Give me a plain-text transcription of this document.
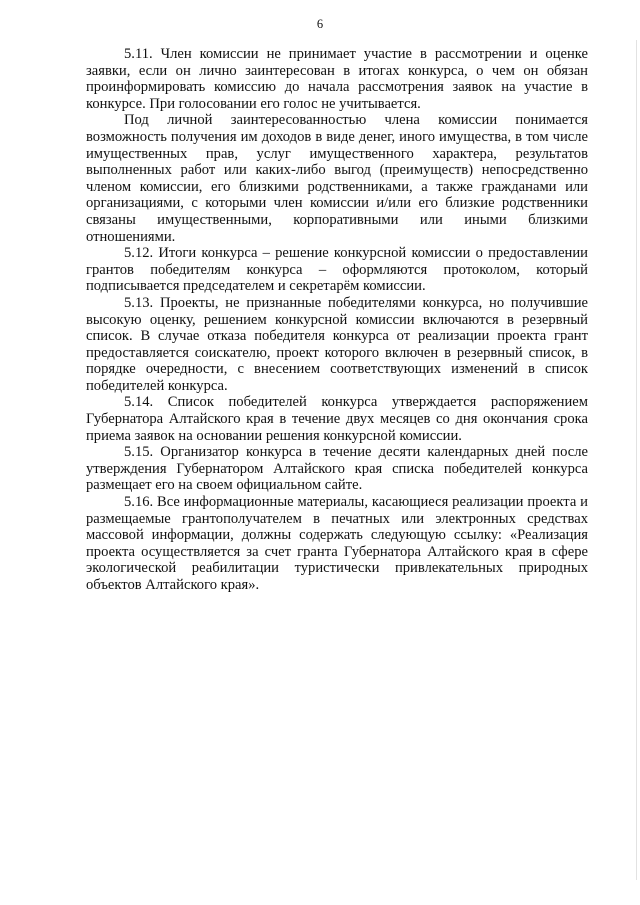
6

5.11. Член комиссии не принимает участие в рассмотрении и оценке заявки, если он лично заинтересован в итогах конкурса, о чем он обязан проинформировать комиссию до начала рассмотрения заявок на участие в конкурсе. При голосовании его голос не учитывается.

Под личной заинтересованностью члена комиссии понимается возможность получения им доходов в виде денег, иного имущества, в том числе имущественных прав, услуг имущественного характера, результатов выполненных работ или каких-либо выгод (преимуществ) непосредственно членом комиссии, его близкими родственниками, а также гражданами или организациями, с которыми член комиссии и/или его близкие родственники связаны имущественными, корпоративными или иными близкими отношениями.

5.12. Итоги конкурса – решение конкурсной комиссии о предоставлении грантов победителям конкурса – оформляются протоколом, который подписывается председателем и секретарём комиссии.

5.13. Проекты, не признанные победителями конкурса, но получившие высокую оценку, решением конкурсной комиссии включаются в резервный список. В случае отказа победителя конкурса от реализации проекта грант предоставляется соискателю, проект которого включен в резервный список, в порядке очередности, с внесением соответствующих изменений в список победителей конкурса.

5.14. Список победителей конкурса утверждается распоряжением Губернатора Алтайского края в течение двух месяцев со дня окончания срока приема заявок на основании решения конкурсной комиссии.

5.15. Организатор конкурса в течение десяти календарных дней после утверждения Губернатором Алтайского края списка победителей конкурса размещает его на своем официальном сайте.

5.16. Все информационные материалы, касающиеся реализации проекта и размещаемые грантополучателем в печатных или электронных средствах массовой информации, должны содержать следующую ссылку: «Реализация проекта осуществляется за счет гранта Губернатора Алтайского края в сфере экологической реабилитации туристически привлекательных природных объектов Алтайского края».
